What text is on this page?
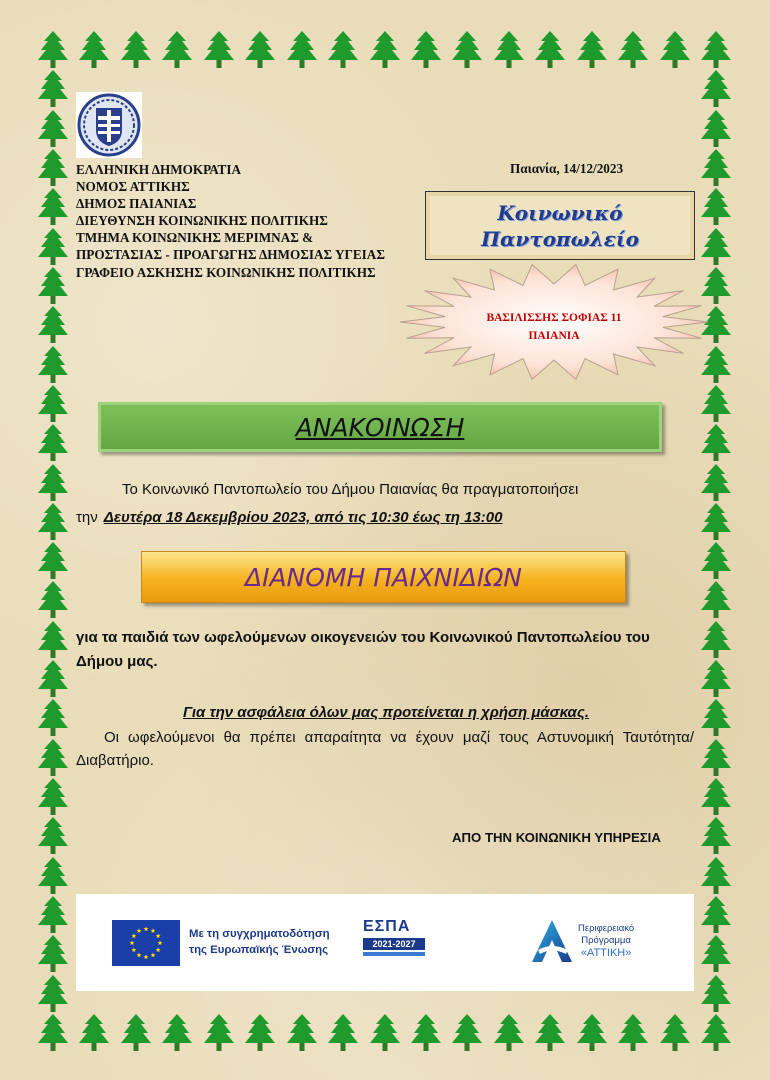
ΕΛΛΗΝΙΚΗ ΔΗΜΟΚΡΑΤΙΑ
ΝΟΜΟΣ ΑΤΤΙΚΗΣ
ΔΗΜΟΣ ΠΑΙΑΝΙΑΣ
ΔΙΕΥΘΥΝΣΗ ΚΟΙΝΩΝΙΚΗΣ ΠΟΛΙΤΙΚΗΣ
ΤΜΗΜΑ ΚΟΙΝΩΝΙΚΗΣ ΜΕΡΙΜΝΑΣ &
ΠΡΟΣΤΑΣΙΑΣ - ΠΡΟΑΓΩΓΗΣ ΔΗΜΟΣΙΑΣ ΥΓΕΙΑΣ
ΓΡΑΦΕΙΟ ΑΣΚΗΣΗΣ ΚΟΙΝΩΝΙΚΗΣ ΠΟΛΙΤΙΚΗΣ
Παιανία, 14/12/2023
Κοινωνικό
Παντοπωλείο
ΒΑΣΙΛΙΣΣΗΣ ΣΟΦΙΑΣ 11
ΠΑΙΑΝΙΑ
ΑΝΑΚΟΙΝΩΣΗ
Το Κοινωνικό Παντοπωλείο του Δήμου Παιανίας θα πραγματοποιήσει
την Δευτέρα 18 Δεκεμβρίου 2023, από τις 10:30 έως τη 13:00
ΔΙΑΝΟΜΗ ΠΑΙΧΝΙΔΙΩΝ
για τα παιδιά των ωφελούμενων οικογενειών του Κοινωνικού Παντοπωλείου του Δήμου μας.
Για την ασφάλεια όλων μας προτείνεται η χρήση μάσκας.
Οι ωφελούμενοι θα πρέπει απαραίτητα να έχουν μαζί τους Αστυνομική Ταυτότητα/Διαβατήριο.
ΑΠΟ ΤΗΝ ΚΟΙΝΩΝΙΚΗ ΥΠΗΡΕΣΙΑ
Με τη συγχρηματοδότηση
της Ευρωπαϊκής Ένωσης
ΕΣΠΑ
2021-2027
Περιφερειακό
Πρόγραμμα
«ΑΤΤΙΚΗ»
